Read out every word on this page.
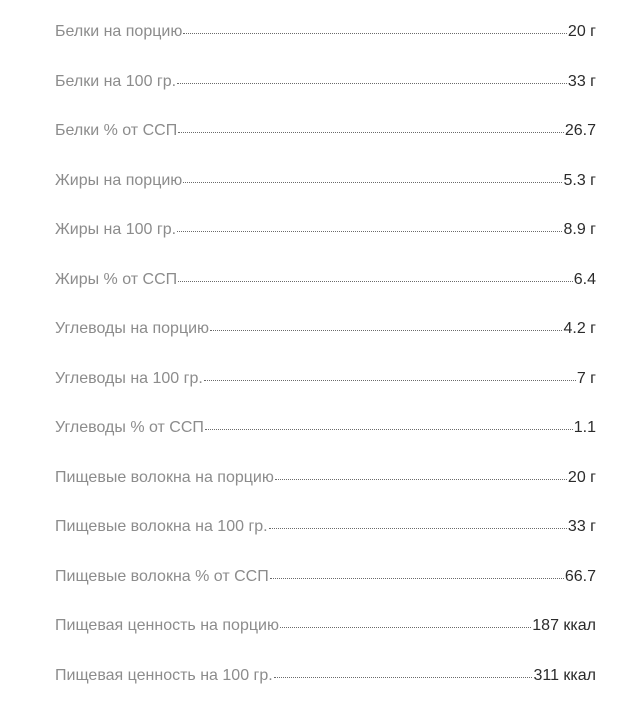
Белки на порцию	20 г
Белки на 100 гр.	33 г
Белки % от ССП	26.7
Жиры на порцию	5.3 г
Жиры на 100 гр.	8.9 г
Жиры % от ССП	6.4
Углеводы на порцию	4.2 г
Углеводы на 100 гр.	7 г
Углеводы % от ССП	1.1
Пищевые волокна на порцию	20 г
Пищевые волокна на 100 гр.	33 г
Пищевые волокна % от ССП	66.7
Пищевая ценность на порцию	187 ккал
Пищевая ценность на 100 гр.	311 ккал
